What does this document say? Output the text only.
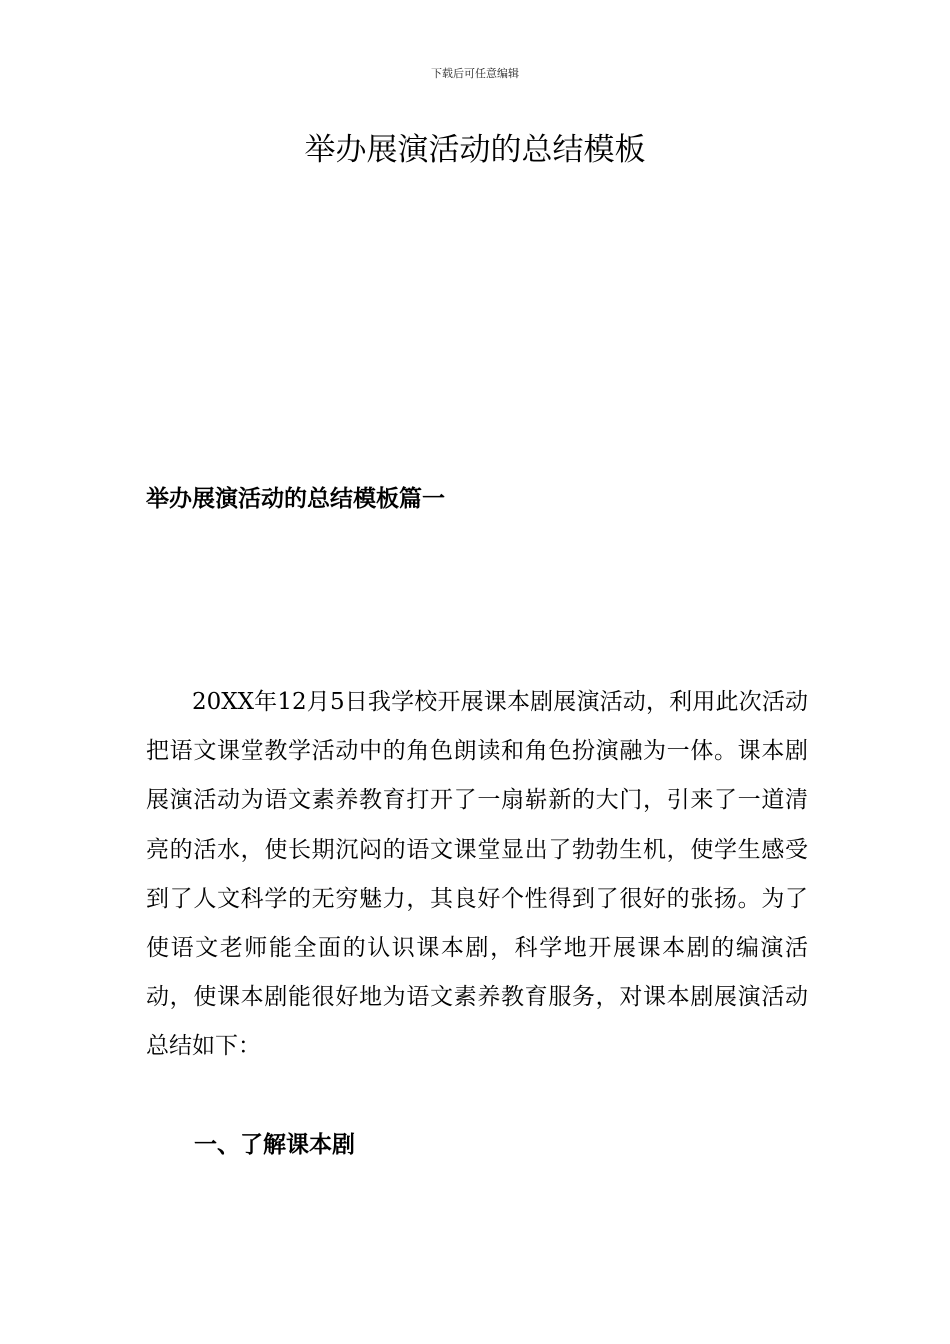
下载后可任意编辑
举办展演活动的总结模板
举办展演活动的总结模板篇一

20XX年12月5日我学校开展课本剧展演活动，利用此次活动把语文课堂教学活动中的角色朗读和角色扮演融为一体。课本剧展演活动为语文素养教育打开了一扇崭新的大门，引来了一道清亮的活水，使长期沉闷的语文课堂显出了勃勃生机，使学生感受到了人文科学的无穷魅力，其良好个性得到了很好的张扬。为了使语文老师能全面的认识课本剧，科学地开展课本剧的编演活动，使课本剧能很好地为语文素养教育服务，对课本剧展演活动总结如下：

一、了解课本剧
